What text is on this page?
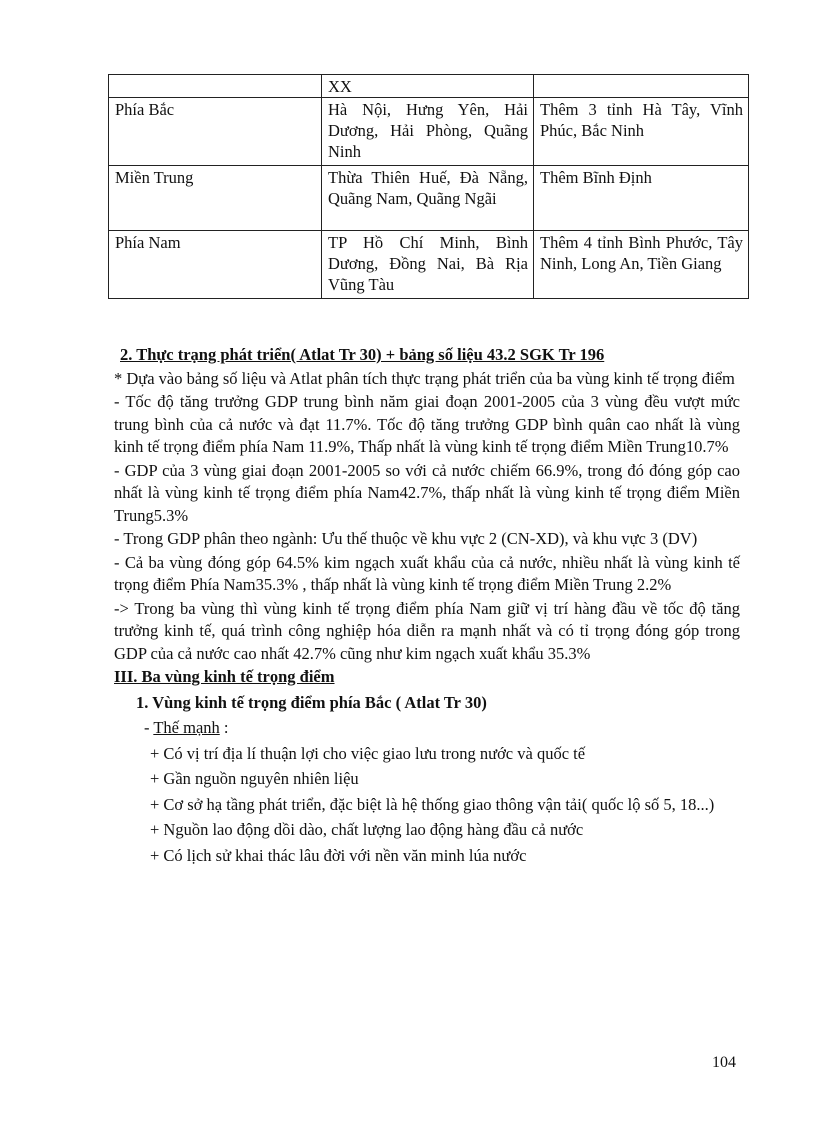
	XX	
Phía Bắc	Hà Nội, Hưng Yên, Hải Dương, Hải Phòng, Quãng Ninh	Thêm 3 tỉnh Hà Tây, Vĩnh Phúc, Bắc Ninh
Miền Trung	Thừa Thiên Huế, Đà Nẵng, Quãng Nam, Quãng Ngãi	Thêm Bĩnh Định
Phía Nam	TP Hồ Chí Minh, Bình Dương, Đồng Nai, Bà Rịa Vũng Tàu	Thêm 4 tỉnh Bình Phước, Tây Ninh, Long An, Tiền Giang
2. Thực trạng phát triển( Atlat Tr 30) + bảng số liệu 43.2 SGK Tr 196

* Dựa vào bảng số liệu và Atlat phân tích thực trạng phát triển của ba vùng kinh tế trọng điểm

- Tốc độ tăng trưởng GDP trung bình năm giai đoạn 2001-2005 của 3 vùng đều vượt mức trung bình của cả nước và đạt 11.7%. Tốc độ tăng trưởng GDP bình quân cao nhất là vùng kinh tế trọng điểm phía Nam 11.9%, Thấp nhất là vùng kinh tế trọng điểm Miền Trung10.7%

- GDP của 3 vùng giai đoạn 2001-2005 so với cả nước chiếm 66.9%, trong đó đóng góp cao nhất là vùng kinh tế trọng điểm phía Nam42.7%, thấp nhất là vùng kinh tế trọng điểm Miền Trung5.3%

- Trong GDP phân theo ngành: Ưu thế thuộc về khu vực 2 (CN-XD), và khu vực 3 (DV)

- Cả ba vùng đóng góp 64.5% kim ngạch xuất khẩu của cả nước, nhiều nhất là vùng kinh tế trọng điểm Phía Nam35.3% , thấp nhất là vùng kinh tế trọng điểm Miền Trung 2.2%

-> Trong ba vùng thì vùng kinh tế trọng điểm phía Nam giữ vị trí hàng đầu về tốc độ tăng trưởng kinh tế, quá trình công nghiệp hóa diễn ra mạnh nhất và có tỉ trọng đóng góp trong GDP của cả nước cao nhất 42.7% cũng như kim ngạch xuất khẩu 35.3%

III. Ba vùng kinh tế trọng điểm
1. Vùng kinh tế trọng điểm phía Bắc ( Atlat Tr 30)
- Thế mạnh :
+ Có vị trí địa lí thuận lợi cho việc giao lưu trong nước và quốc tế
+ Gần nguồn nguyên nhiên liệu
+ Cơ sở hạ tầng phát triển, đặc biệt là hệ thống giao thông vận tải( quốc lộ số 5, 18...)
+ Nguồn lao động dồi dào, chất lượng lao động hàng đầu cả nước
+ Có lịch sử khai thác lâu đời với nền văn minh lúa nước
104
